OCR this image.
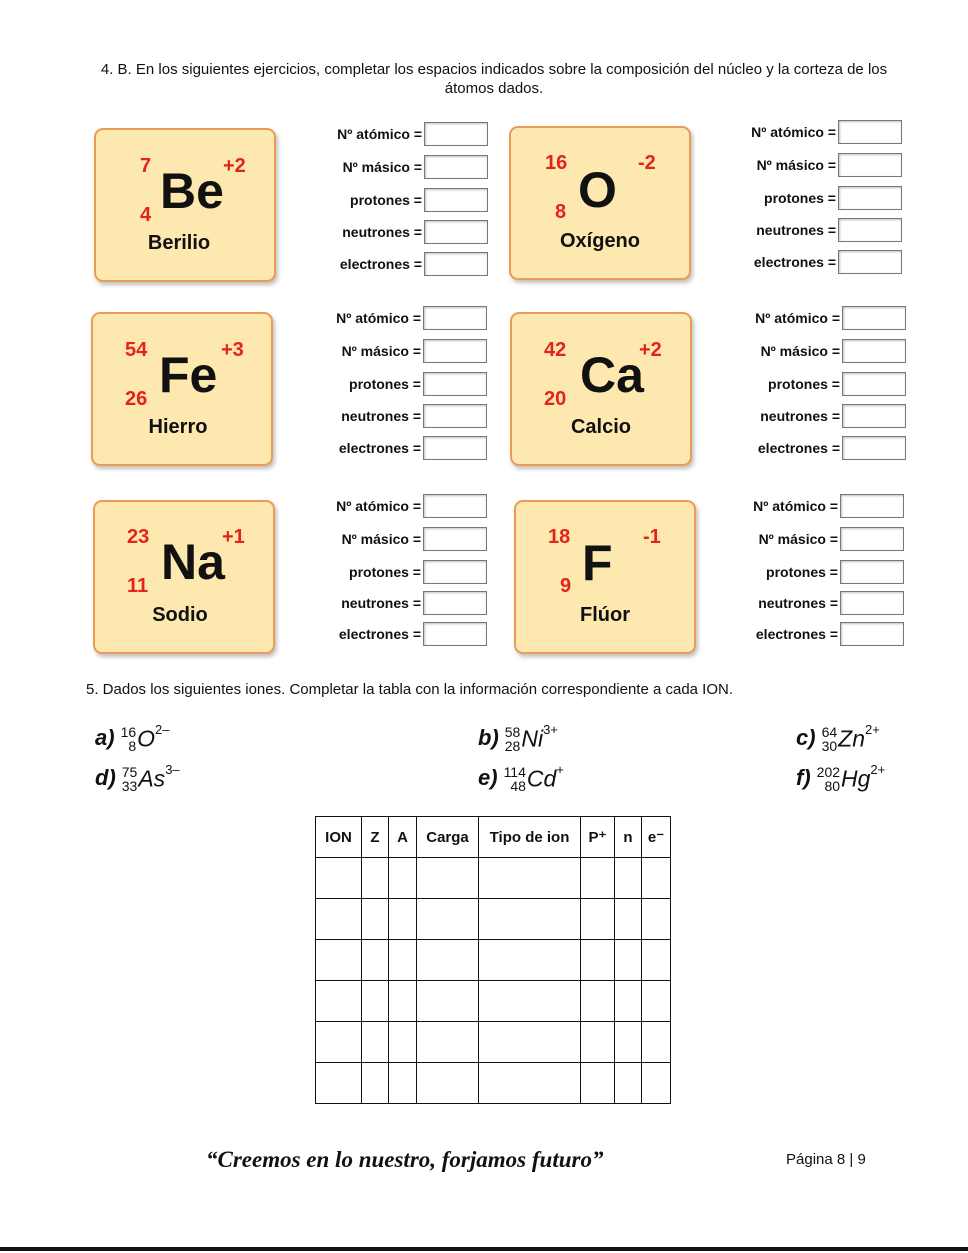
4. B. En los siguientes ejercicios, completar los espacios indicados sobre la composición del núcleo y la corteza de los átomos dados.
7	+2
4 Be
Berilio
Nº atómico =
Nº másico =
protones =
neutrones =
electrones =
16	-2
8 O
Oxígeno
Nº atómico =
Nº másico =
protones =
neutrones =
electrones =
54	+3
26 Fe
Hierro
Nº atómico =
Nº másico =
protones =
neutrones =
electrones =
42	+2
20 Ca
Calcio
Nº atómico =
Nº másico =
protones =
neutrones =
electrones =
23	+1
11 Na
Sodio
Nº atómico =
Nº másico =
protones =
neutrones =
electrones =
18	-1
9 F
Flúor
Nº atómico =
Nº másico =
protones =
neutrones =
electrones =
5. Dados los siguientes iones. Completar la tabla con la información correspondiente a cada ION.
a) 16
$8O^{2-}$	b) 58
$28Ni^{3+}$	c) 64
$30Zn^{2+}$
d) 75
$33As^{3-}$	e) 114
48Cd+	f) 202
$80Hg^{2+}$
ION	Z	A	Carga	Tipo de ion	P⁺	n	e⁻

“Creemos en lo nuestro, forjamos futuro”	Página 8 | 9
